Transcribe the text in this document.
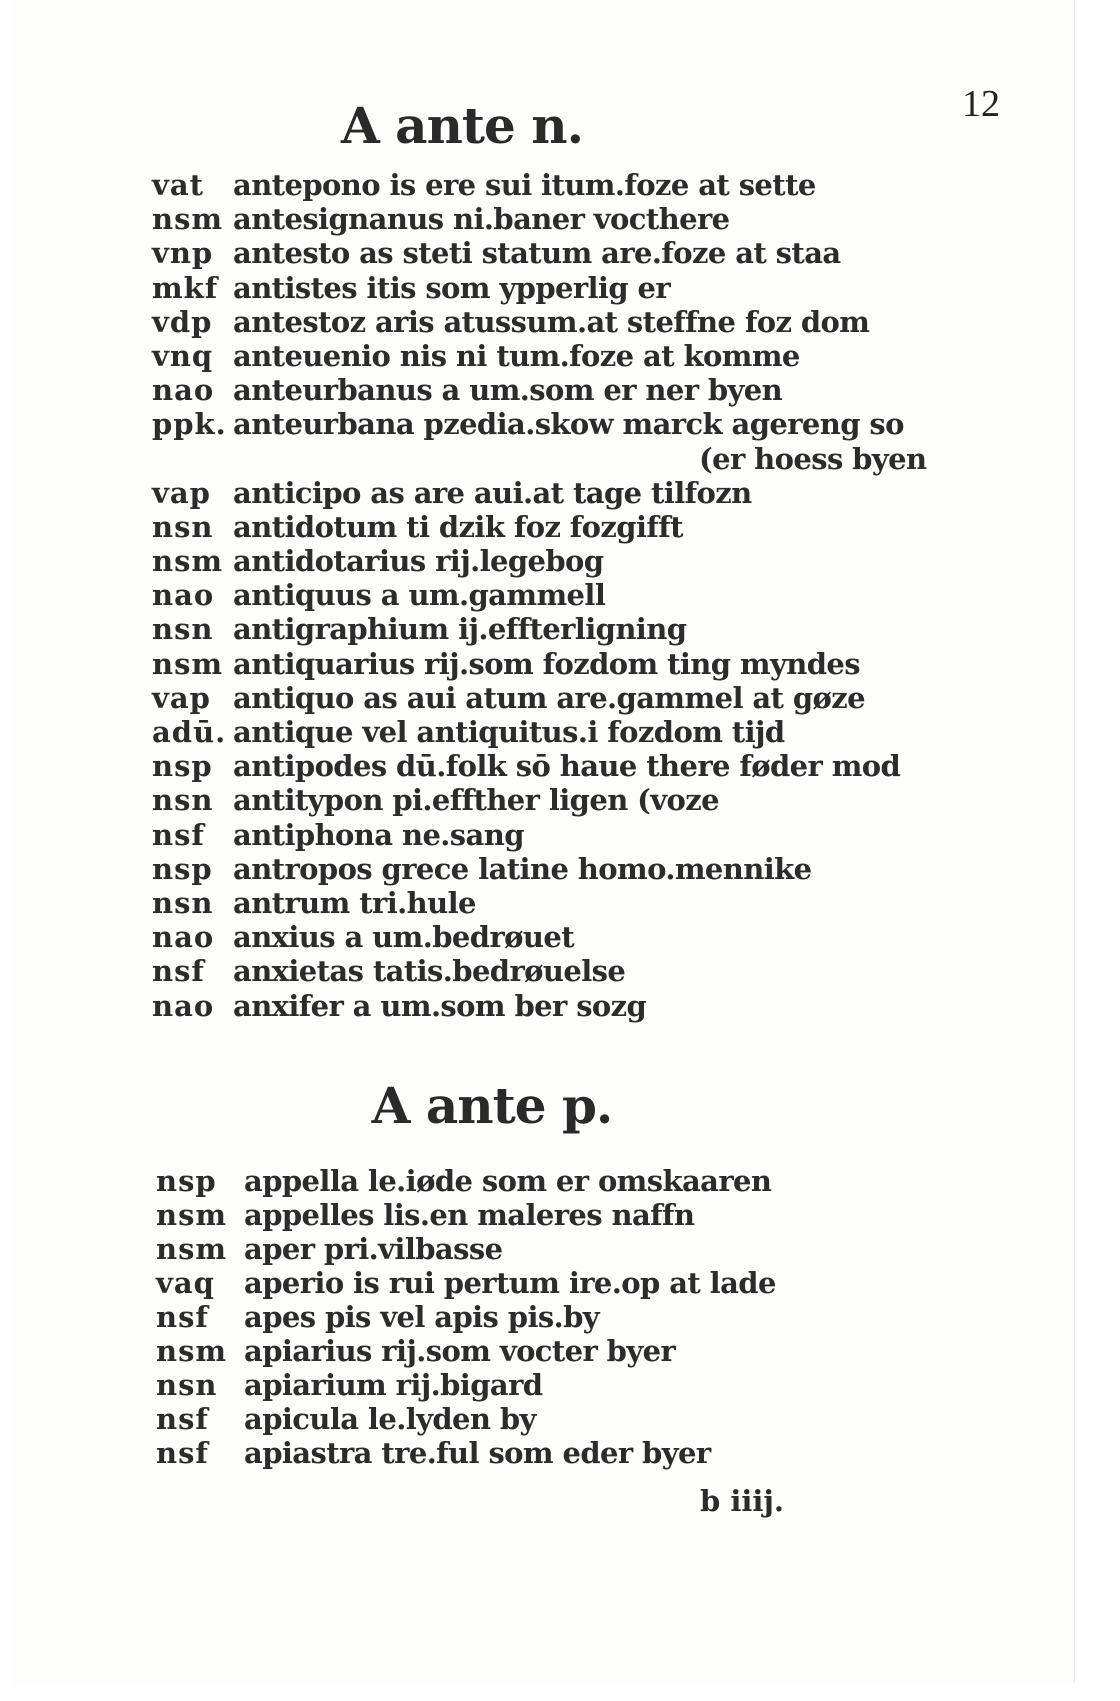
12
A ante n.
vat antepono is ere sui itum.foze at sette
nsm antesignanus ni.baner vocthere
vnp antesto as steti statum are.foze at staa
mkf antistes itis som ypperlig er
vdp antestoz aris atussum.at steffne foz dom
vnq anteuenio nis ni tum.foze at komme
nao anteurbanus a um.som er ner byen
ppk. anteurbana pzedia.skow marck agereng so
(er hoess byen
vap anticipo as are aui.at tage tilfozn
nsn antidotum ti dzik foz fozgifft
nsm antidotarius rij.legebog
nao antiquus a um.gammell
nsn antigraphium ij.effterligning
nsm antiquarius rij.som fozdom ting myndes
vap antiquo as aui atum are.gammel at gøze
adū. antique vel antiquitus.i fozdom tijd
nsp antipodes dū.folk sō haue there føder mod
nsn antitypon pi.effther ligen (voze
nsf antiphona ne.sang
nsp antropos grece latine homo.mennike
nsn antrum tri.hule
nao anxius a um.bedrøuet
nsf anxietas tatis.bedrøuelse
nao anxifer a um.som ber sozg
A ante p.
nsp appella le.iøde som er omskaaren
nsm appelles lis.en maleres naffn
nsm aper pri.vilbasse
vaq	aperio is rui pertum ire.op at lade
nsf	apes pis vel apis pis.by
nsm apiarius rij.som vocter byer
nsn apiarium rij.bigard
nsf	apicula le.lyden by
nsf	apiastra tre.ful som eder byer
b iiij.
